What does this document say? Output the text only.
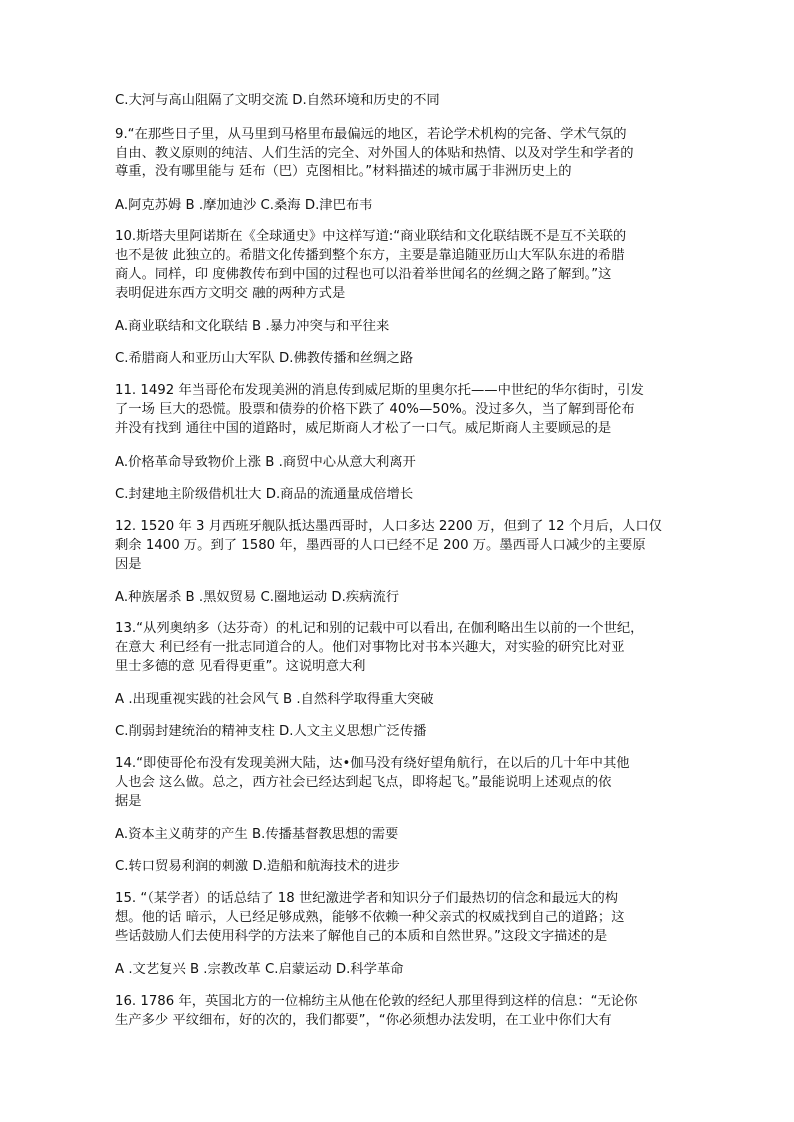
C.大河与高山阻隔了文明交流 D.自然环境和历史的不同
9.“在那些日子里，从马里到马格里布最偏远的地区，若论学术机构的完备、学术气氛的
自由、教义原则的纯洁、人们生活的完全、对外国人的体贴和热情、以及对学生和学者的
尊重，没有哪里能与 廷布（巴）克图相比。”材料描述的城市属于非洲历史上的
A.阿克苏姆 B .摩加迪沙 C.桑海 D.津巴布韦
10.斯塔夫里阿诺斯在《全球通史》中这样写道:“商业联结和文化联结既不是互不关联的
也不是彼 此独立的。希腊文化传播到整个东方，主要是靠追随亚历山大军队东进的希腊
商人。同样，印 度佛教传布到中国的过程也可以沿着举世闻名的丝绸之路了解到。”这
表明促进东西方文明交 融的两种方式是
A.商业联结和文化联结 B .暴力冲突与和平往来
C.希腊商人和亚历山大军队 D.佛教传播和丝绸之路
11. 1492 年当哥伦布发现美洲的消息传到威尼斯的里奥尔托——中世纪的华尔街时，引发
了一场 巨大的恐慌。股票和债券的价格下跌了 40%—50%。没过多久，当了解到哥伦布
并没有找到 通往中国的道路时，威尼斯商人才松了一口气。威尼斯商人主要顾忌的是
A.价格革命导致物价上涨 B .商贸中心从意大利离开
C.封建地主阶级借机壮大 D.商品的流通量成倍增长
12. 1520 年 3 月西班牙舰队抵达墨西哥时，人口多达 2200 万，但到了 12 个月后，人口仅
剩余 1400 万。到了 1580 年，墨西哥的人口已经不足 200 万。墨西哥人口减少的主要原
因是
A.种族屠杀 B .黑奴贸易 C.圈地运动 D.疾病流行
13.“从列奥纳多（达芬奇）的札记和别的记载中可以看出, 在伽利略出生以前的一个世纪，
在意大 利已经有一批志同道合的人。他们对事物比对书本兴趣大，对实验的研究比对亚
里士多德的意 见看得更重”。这说明意大利
A .出现重视实践的社会风气 B .自然科学取得重大突破
C.削弱封建统治的精神支柱 D.人文主义思想广泛传播
14.“即使哥伦布没有发现美洲大陆，达•伽马没有绕好望角航行，在以后的几十年中其他
人也会 这么做。总之，西方社会已经达到起飞点，即将起飞。”最能说明上述观点的依
据是
A.资本主义萌芽的产生 B.传播基督教思想的需要
C.转口贸易利润的刺激 D.造船和航海技术的进步
15. “（某学者）的话总结了 18 世纪激进学者和知识分子们最热切的信念和最远大的构
想。他的话 暗示，人已经足够成熟，能够不依赖一种父亲式的权威找到自己的道路；这
些话鼓励人们去使用科学的方法来了解他自己的本质和自然世界。”这段文字描述的是
A .文艺复兴 B .宗教改革 C.启蒙运动 D.科学革命
16. 1786 年，英国北方的一位棉纺主从他在伦敦的经纪人那里得到这样的信息：“无论你
生产多少 平纹细布，好的次的，我们都要”，“你必须想办法发明，在工业中你们大有
